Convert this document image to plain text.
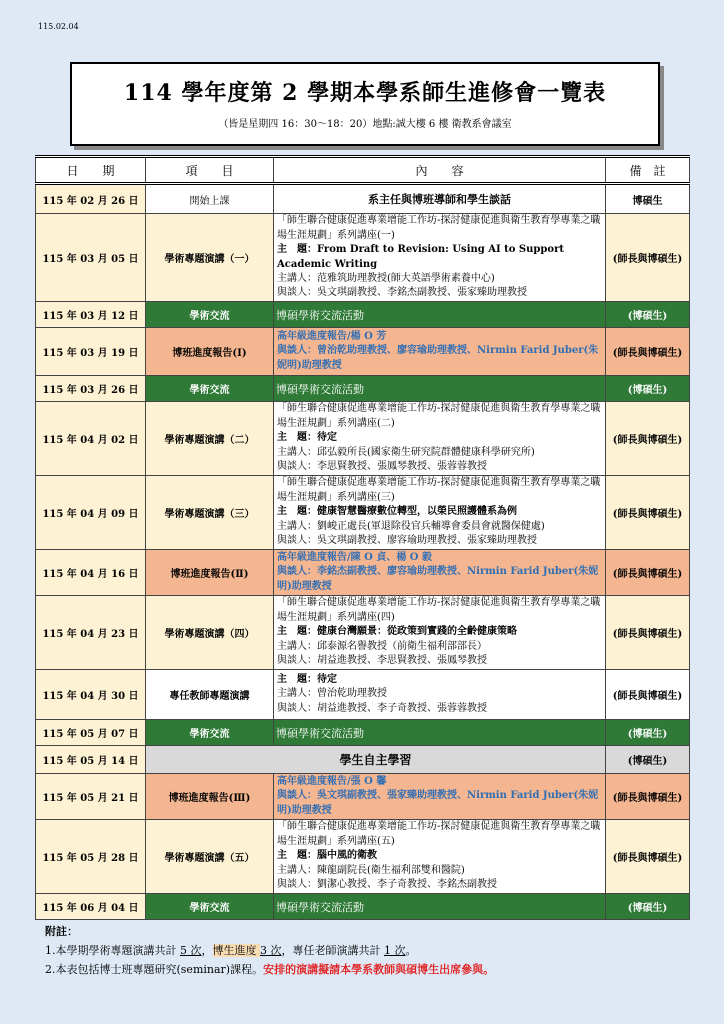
115.02.04
114 學年度第 2 學期本學系師生進修會一覽表
（皆是星期四 16：30～18：20）地點:誠大樓 6 樓 衛教系會議室
日　　期	項　　目	內　　容	備　註
115 年 02 月 26 日	開始上課	系主任與博班導師和學生談話	博碩生
115 年 03 月 05 日	學術專題演講（一）	「師生聯合健康促進專業增能工作坊-探討健康促進與衛生教育學專業之職場生涯規劃」系列講座(一)
主　題：From Draft to Revision: Using AI to Support Academic Writing
主講人：范雅筑助理教授(師大英語學術素養中心)
與談人：吳文琪副教授、李銘杰副教授、張家臻助理教授	(師長與博碩生)
115 年 03 月 12 日	學術交流	博碩學術交流活動	(博碩生)
115 年 03 月 19 日	博班進度報告(Ⅰ)	高年級進度報告/楊 O 芳
與談人：曾治乾助理教授、廖容瑜助理教授、Nirmin Farid Juber(朱妮明)助理教授	(師長與博碩生)
115 年 03 月 26 日	學術交流	博碩學術交流活動	(博碩生)
115 年 04 月 02 日	學術專題演講（二）	「師生聯合健康促進專業增能工作坊-探討健康促進與衛生教育學專業之職場生涯規劃」系列講座(二)
主　題：待定
主講人：邱弘毅所長(國家衛生研究院群體健康科學研究所)
與談人：李思賢教授、張鳳琴教授、張蓉蓉教授	(師長與博碩生)
115 年 04 月 09 日	學術專題演講（三）	「師生聯合健康促進專業增能工作坊-探討健康促進與衛生教育學專業之職場生涯規劃」系列講座(三)
主　題：健康智慧醫療數位轉型，以榮民照護體系為例
主講人：劉峻正處長(軍退除役官兵輔導會委員會就醫保健處)
與談人：吳文琪副教授、廖容瑜助理教授、張家臻助理教授	(師長與博碩生)
115 年 04 月 16 日	博班進度報告(Ⅱ)	高年級進度報告/陳 O 貞、楊 O 毅
與談人：李銘杰副教授、廖容瑜助理教授、Nirmin Farid Juber(朱妮明)助理教授	(師長與博碩生)
115 年 04 月 23 日	學術專題演講（四）	「師生聯合健康促進專業增能工作坊-探討健康促進與衛生教育學專業之職場生涯規劃」系列講座(四)
主　題：健康台灣願景：從政策到實踐的全齡健康策略
主講人：邱泰源名譽教授（前衛生福利部部長）
與談人：胡益進教授、李思賢教授、張鳳琴教授	(師長與博碩生)
115 年 04 月 30 日	專任教師專題演講	主　題：待定
主講人：曾治乾助理教授
與談人：胡益進教授、李子奇教授、張蓉蓉教授	(師長與博碩生)
115 年 05 月 07 日	學術交流	博碩學術交流活動	(博碩生)
115 年 05 月 14 日	學生自主學習		(博碩生)
115 年 05 月 21 日	博班進度報告(Ⅲ)	高年級進度報告/張 O 馨
與談人：吳文琪副教授、張家臻助理教授、Nirmin Farid Juber(朱妮明)助理教授	(師長與博碩生)
115 年 05 月 28 日	學術專題演講（五）	「師生聯合健康促進專業增能工作坊-探討健康促進與衛生教育學專業之職場生涯規劃」系列講座(五)
主　題：腦中風的衛教
主講人：陳龍副院長(衛生福利部雙和醫院)
與談人：劉潔心教授、李子奇教授、李銘杰副教授	(師長與博碩生)
115 年 06 月 04 日	學術交流	博碩學術交流活動	(博碩生)
附註：
1.本學期學術專題演講共計 5 次，博生進度 3 次，專任老師演講共計 1 次。
2.本表包括博士班專題研究(seminar)課程。安排的演講擬請本學系教師與碩博生出席參與。
